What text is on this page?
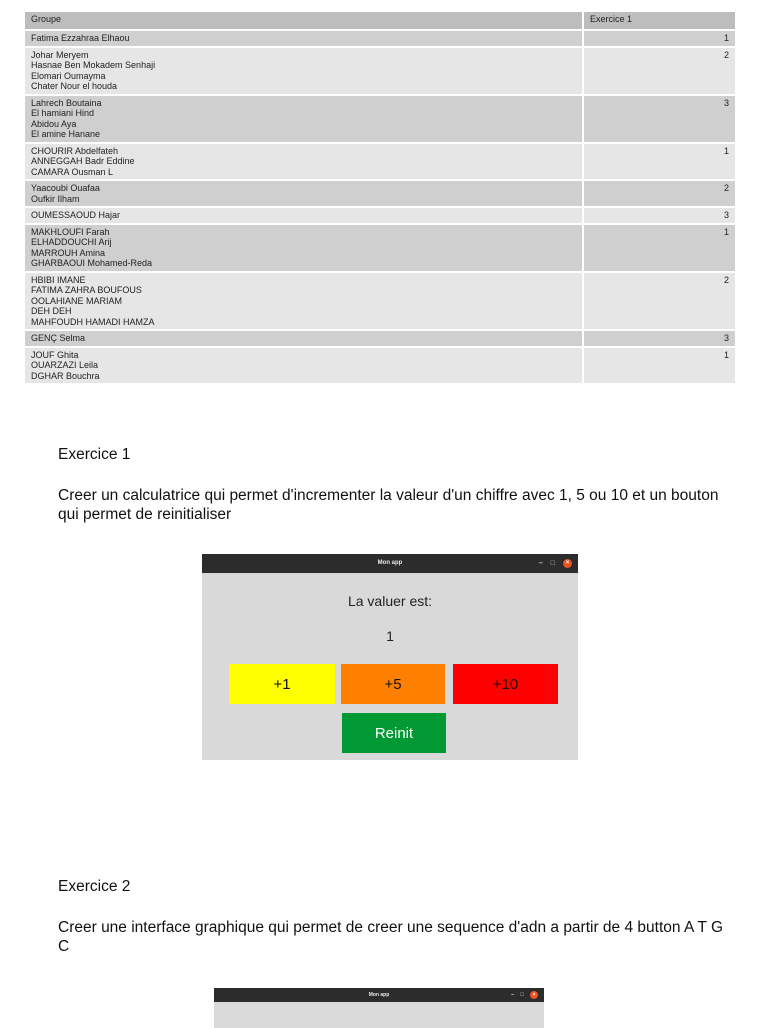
Groupe	Exercice 1

Fatima Ezzahraa Elhaou	1

Johar Meryem
Hasnae Ben Mokadem Senhaji
Elomari Oumayma
Chater Nour el houda	2

Lahrech Boutaina
El hamiani Hind
Abidou Aya
El amine Hanane	3

CHOURIR Abdelfateh
ANNEGGAH Badr Eddine
CAMARA Ousman L	1

Yaacoubi Ouafaa
Oufkir Ilham	2

OUMESSAOUD Hajar	3

MAKHLOUFI Farah
ELHADDOUCHI Arij
MARROUH Amina
GHARBAOUI Mohamed-Reda	1

HBIBI IMANE
FATIMA ZAHRA BOUFOUS
OOLAHIANE MARIAM
DEH DEH
MAHFOUDH HAMADI HAMZA	2

GENÇ Selma	3

JOUF Ghita
OUARZAZI Leila
DGHAR Bouchra	1
Exercice 1
Creer un calculatrice qui permet d'incrementer la valeur d'un chiffre avec 1, 5 ou 10 et un bouton qui permet de reinitialiser
Mon app	– □	×
La valuer est:
1
+1	+5	+10
Reinit
Exercice 2
Creer une interface graphique qui permet de creer une sequence d'adn a partir de 4 button A T G C
Mon app	– □	×
